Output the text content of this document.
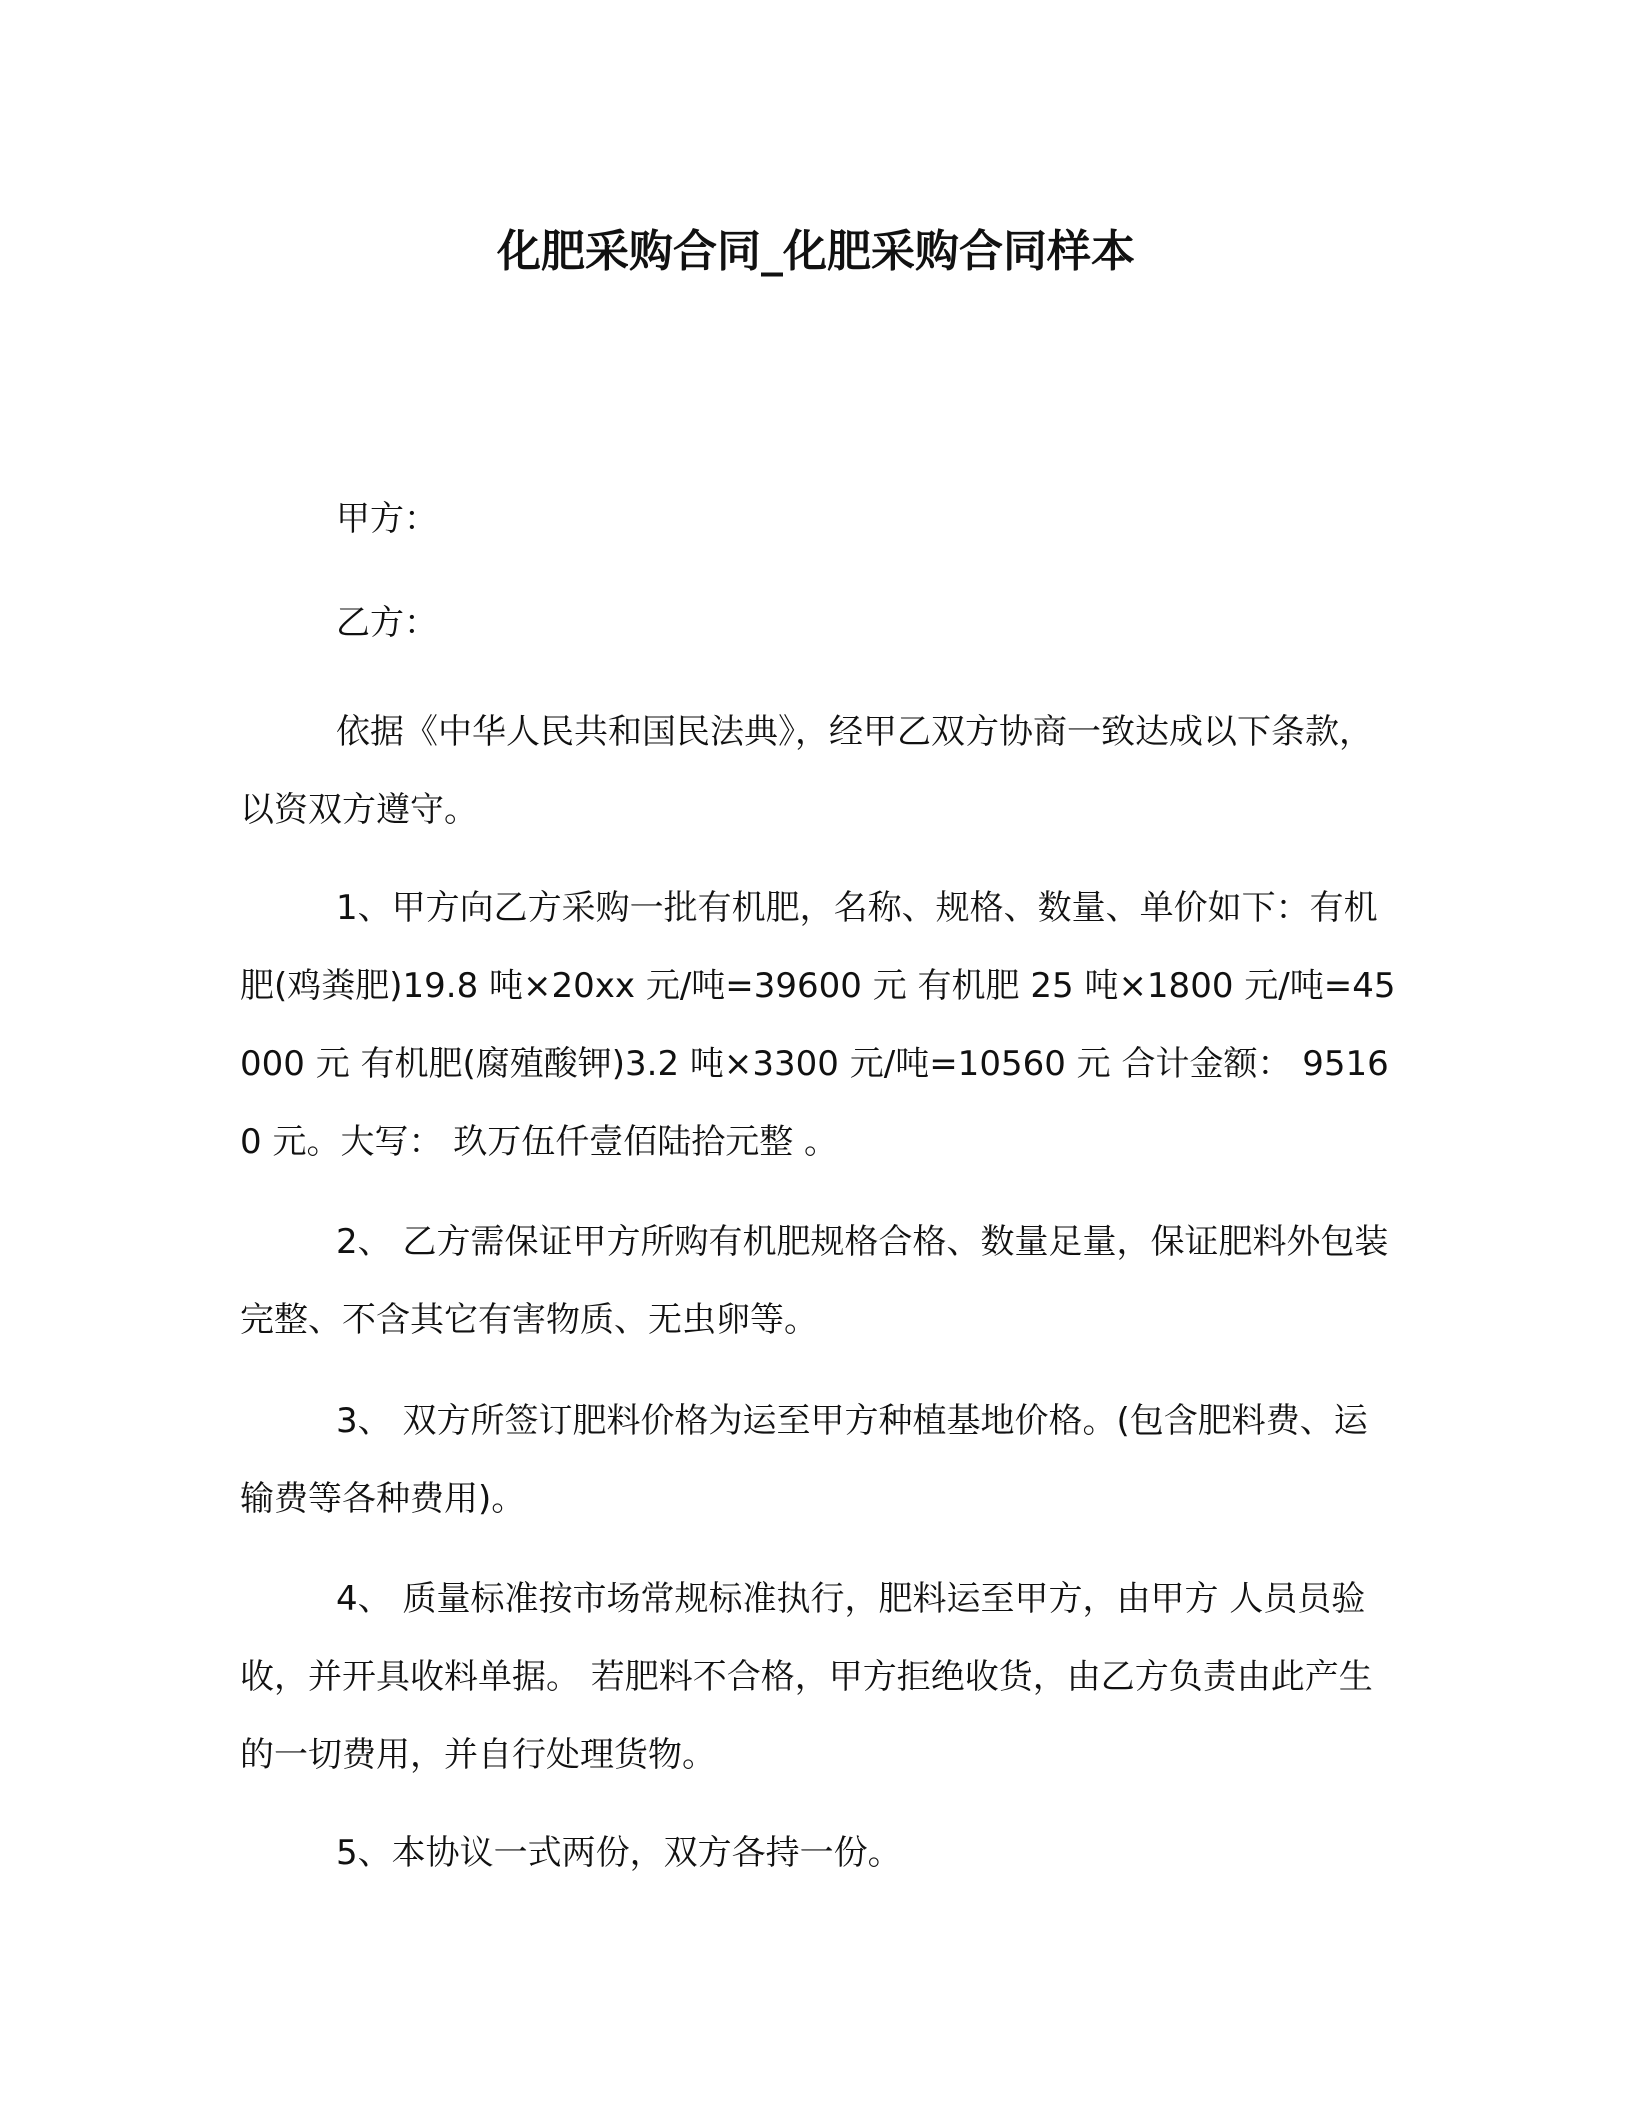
化肥采购合同_化肥采购合同样本

甲方：

乙方：

依据《中华人民共和国民法典》，经甲乙双方协商一致达成以下条款，以资双方遵守。

1、甲方向乙方采购一批有机肥，名称、规格、数量、单价如下：有机肥(鸡粪肥)19.8 吨×20xx 元/吨=39600 元 有机肥 25 吨×1800 元/吨=45000 元 有机肥(腐殖酸钾)3.2 吨×3300 元/吨=10560 元 合计金额： 95160 元。大写： 玖万伍仟壹佰陆拾元整 。

2、 乙方需保证甲方所购有机肥规格合格、数量足量，保证肥料外包装完整、不含其它有害物质、无虫卵等。

3、 双方所签订肥料价格为运至甲方种植基地价格。(包含肥料费、运输费等各种费用)。

4、 质量标准按市场常规标准执行，肥料运至甲方，由甲方 人员员验收，并开具收料单据。 若肥料不合格，甲方拒绝收货，由乙方负责由此产生的一切费用，并自行处理货物。

5、本协议一式两份，双方各持一份。
